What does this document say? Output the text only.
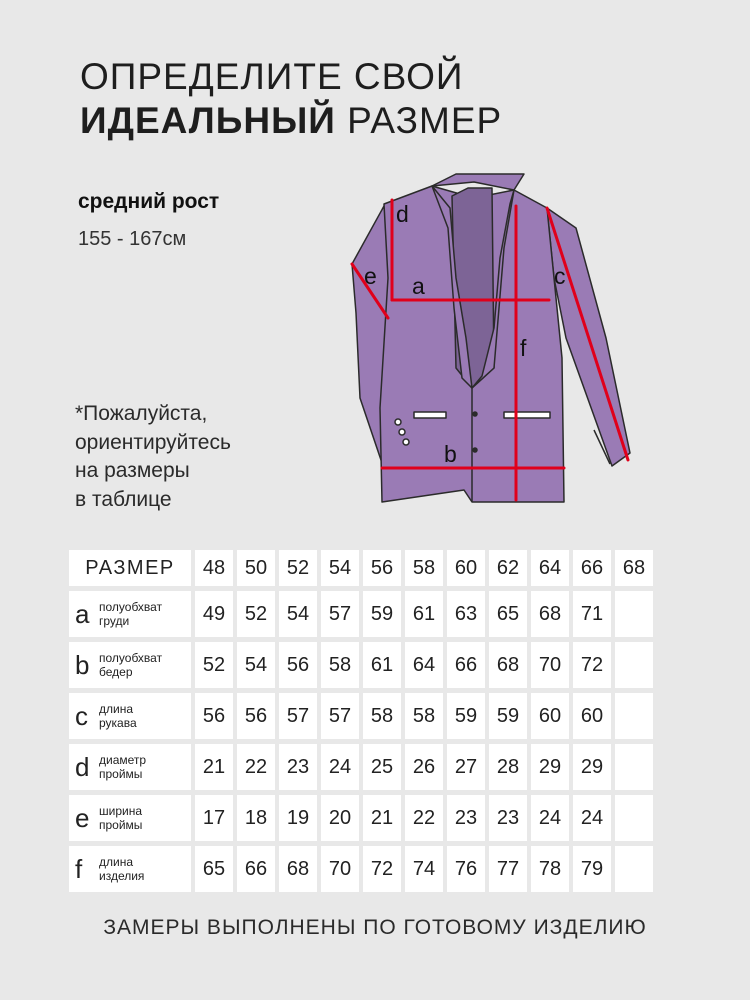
ОПРЕДЕЛИТЕ СВОЙ
ИДЕАЛЬНЫЙ РАЗМЕР
средний рост
155 - 167см
*Пожалуйста,
ориентируйтесь
на размеры
в таблице
d
e a	c
f
b
РАЗМЕР	48	50	52	54	56	58	60	62	64	66	68

a полуобхват
груди	49	52	54	57	59	61	63	65	68	71	

b полуобхват
бедер	52	54	56	58	61	64	66	68	70	72	

c длина
рукава	56	56	57	57	58	58	59	59	60	60	

d диаметр
проймы	21	22	23	24	25	26	27	28	29	29	

e ширина
проймы	17	18	19	20	21	22	23	23	24	24	

f длина
изделия	65	66	68	70	72	74	76	77	78	79	
ЗАМЕРЫ ВЫПОЛНЕНЫ ПО ГОТОВОМУ ИЗДЕЛИЮ
